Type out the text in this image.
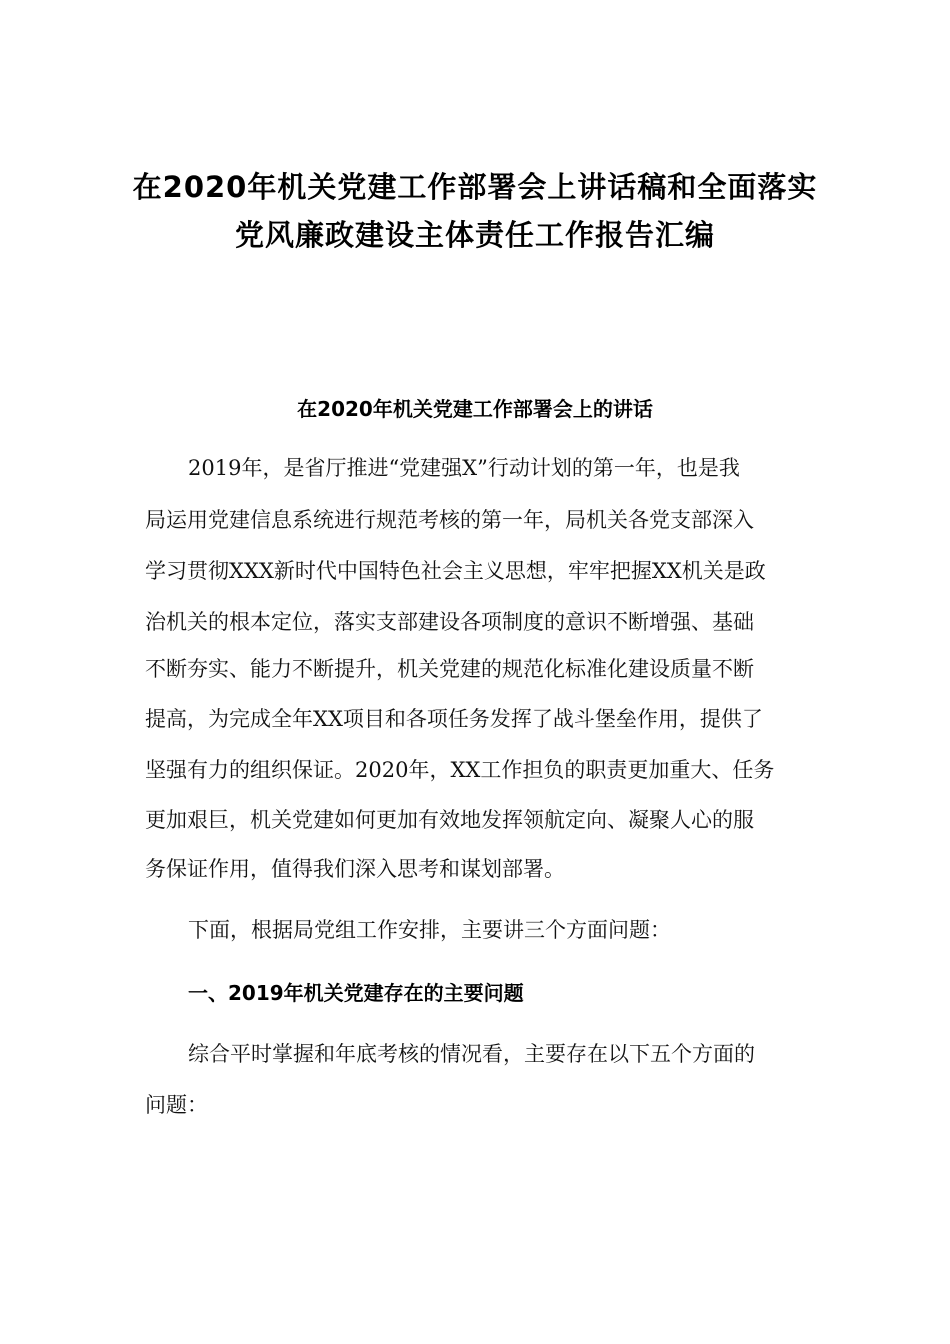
在2020年机关党建工作部署会上讲话稿和全面落实
党风廉政建设主体责任工作报告汇编
在2020年机关党建工作部署会上的讲话
2019年，是省厅推进“党建强X”行动计划的第一年，也是我
局运用党建信息系统进行规范考核的第一年，局机关各党支部深入
学习贯彻XXX新时代中国特色社会主义思想，牢牢把握XX机关是政
治机关的根本定位，落实支部建设各项制度的意识不断增强、基础
不断夯实、能力不断提升，机关党建的规范化标准化建设质量不断
提高，为完成全年XX项目和各项任务发挥了战斗堡垒作用，提供了
坚强有力的组织保证。2020年，XX工作担负的职责更加重大、任务
更加艰巨，机关党建如何更加有效地发挥领航定向、凝聚人心的服
务保证作用，值得我们深入思考和谋划部署。
下面，根据局党组工作安排，主要讲三个方面问题：
一、2019年机关党建存在的主要问题
综合平时掌握和年底考核的情况看，主要存在以下五个方面的
问题：
